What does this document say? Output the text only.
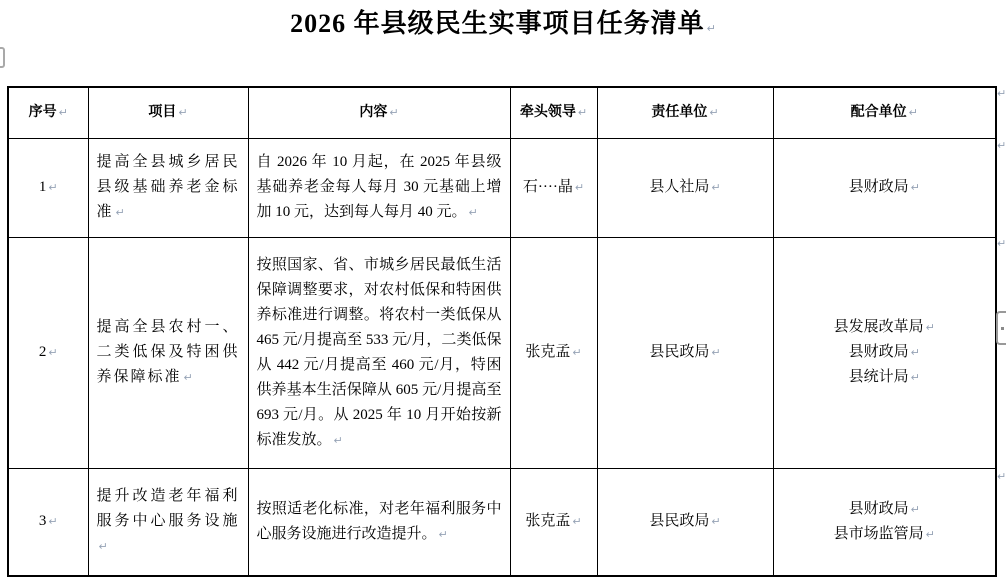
2026 年县级民生实事项目任务清单 ↵
序号 ↵	项目 ↵	内容 ↵	牵头领导 ↵	责任单位 ↵	配合单位 ↵
1 ↵	提高全县城乡居民县级基础养老金标准 ↵	自 2026 年 10 月起，在 2025 年县级基础养老金每人每月 30 元基础上增加 10 元，达到每人每月 40 元。 ↵	石····晶 ↵	县人社局 ↵	县财政局 ↵

2 ↵	提高全县农村一、二类低保及特困供养保障标准 ↵	按照国家、省、市城乡居民最低生活保障调整要求，对农村低保和特困供养标准进行调整。将农村一类低保从 465 元/月提高至 533 元/月，二类低保从 442 元/月提高至 460 元/月，特困供养基本生活保障从 605 元/月提高至 693 元/月。从 2025 年 10 月开始按新标准发放。 ↵	张克孟 ↵	县民政局 ↵	县发展改革局 ↵
县财政局 ↵
县统计局 ↵

3 ↵	提升改造老年福利服务中心服务设施↵	按照适老化标准，对老年福利服务中心服务设施进行改造提升。 ↵	张克孟 ↵	县民政局 ↵	县财政局 ↵
县市场监管局 ↵
↵
↵
↵
↵
